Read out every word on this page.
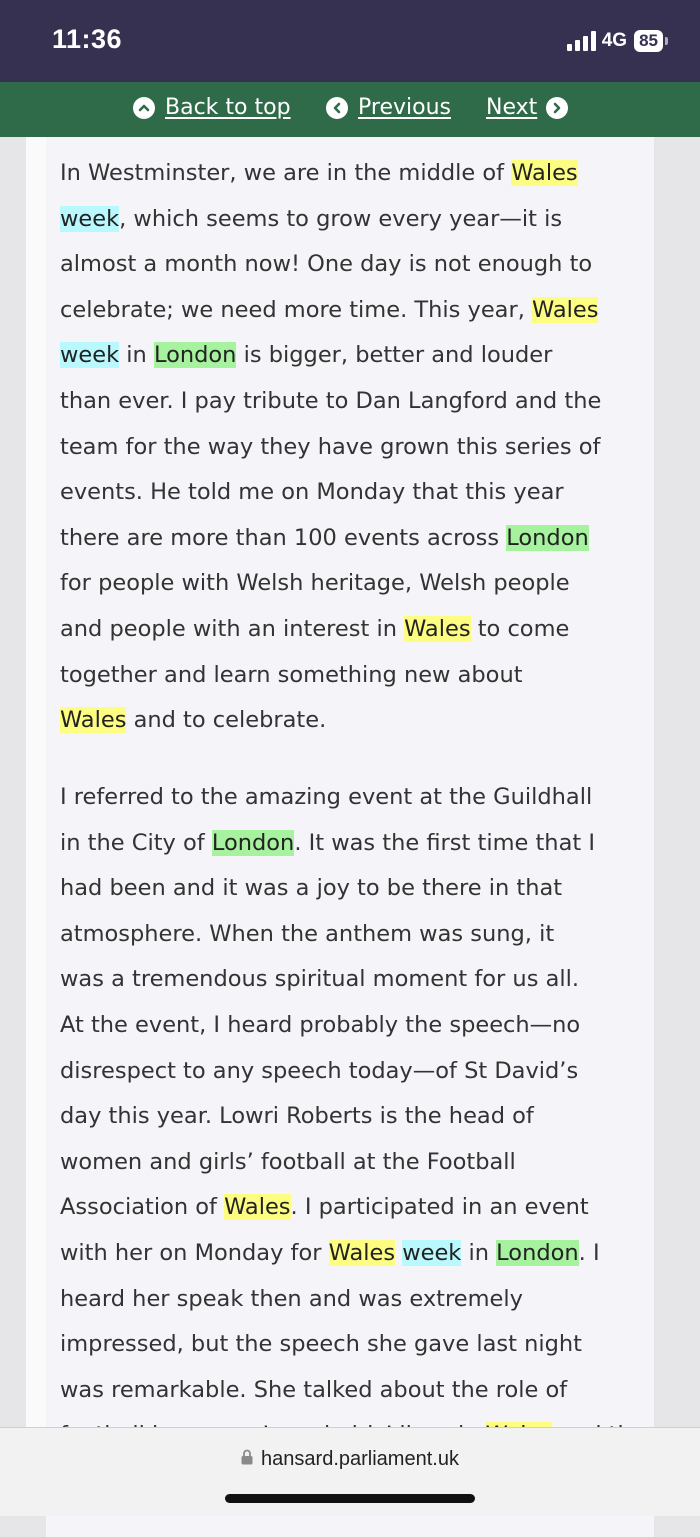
11:36	4G 85
Back to top	Previous Next

In Westminster, we are in the middle of Wales
week, which seems to grow every year—it is
almost a month now! One day is not enough to
celebrate; we need more time. This year, Wales
week in London is bigger, better and louder
than ever. I pay tribute to Dan Langford and the
team for the way they have grown this series of
events. He told me on Monday that this year
there are more than 100 events across London
for people with Welsh heritage, Welsh people
and people with an interest in Wales to come
together and learn something new about
Wales and to celebrate.

I referred to the amazing event at the Guildhall
in the City of London. It was the first time that I
had been and it was a joy to be there in that
atmosphere. When the anthem was sung, it
was a tremendous spiritual moment for us all.
At the event, I heard probably the speech—no
disrespect to any speech today—of St David’s
day this year. Lowri Roberts is the head of
women and girls’ football at the Football
Association of Wales. I participated in an event
with her on Monday for Wales week in London. I
heard her speak then and was extremely
impressed, but the speech she gave last night
was remarkable. She talked about the role of

hansard.parliament.uk
